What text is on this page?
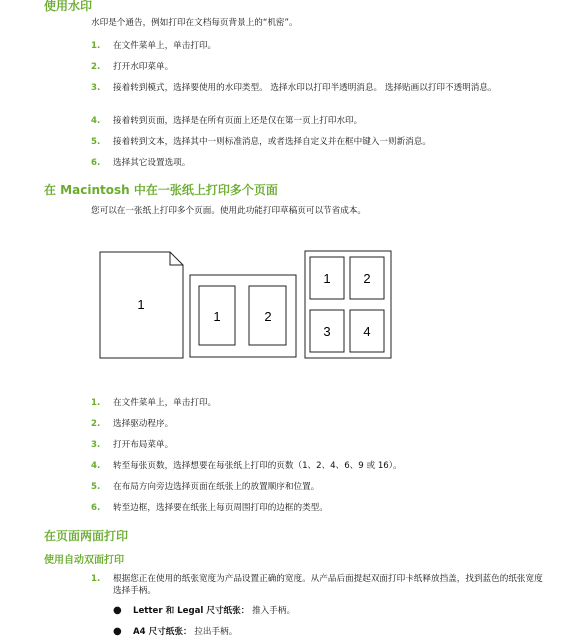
使用水印
水印是个通告，例如打印在文档每页背景上的“机密”。
1. 在文件菜单上，单击打印。
2. 打开水印菜单。
3. 接着转到模式，选择要使用的水印类型。 选择水印以打印半透明消息。 选择贴画以打印不透明消息。
4. 接着转到页面，选择是在所有页面上还是仅在第一页上打印水印。
5. 接着转到文本，选择其中一则标准消息，或者选择自定义并在框中键入一则新消息。
6. 选择其它设置选项。
在 Macintosh 中在一张纸上打印多个页面
您可以在一张纸上打印多个页面。使用此功能打印草稿页可以节省成本。
1
1	2
1	2
3	4
1. 在文件菜单上，单击打印。
2. 选择驱动程序。
3. 打开布局菜单。
4. 转至每张页数，选择想要在每张纸上打印的页数（1、2、4、6、9 或 16）。
5. 在布局方向旁边选择页面在纸张上的放置顺序和位置。
6. 转至边框，选择要在纸张上每页周围打印的边框的类型。
在页面两面打印
使用自动双面打印
1. 根据您正在使用的纸张宽度为产品设置正确的宽度。从产品后面提起双面打印卡纸释放挡盖，找到蓝色的纸张宽度选择手柄。
● Letter 和 Legal 尺寸纸张： 推入手柄。
● A4 尺寸纸张： 拉出手柄。
